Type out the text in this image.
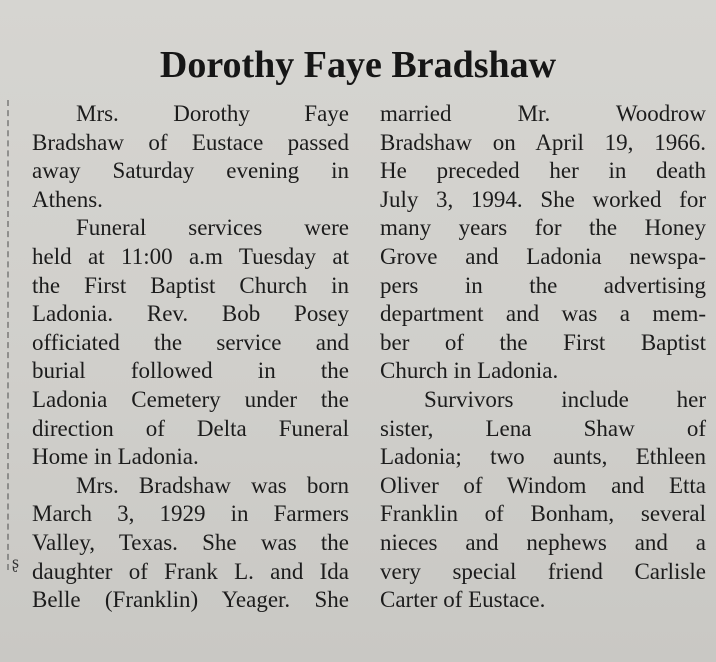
ʂ
Dorothy Faye Bradshaw

Mrs. Dorothy Faye
Bradshaw of Eustace passed
away Saturday evening in
Athens.

Funeral services were
held at 11:00 a.m Tuesday at
the First Baptist Church in
Ladonia. Rev. Bob Posey
officiated the service and
burial followed in the
Ladonia Cemetery under the
direction of Delta Funeral
Home in Ladonia.

Mrs. Bradshaw was born
March 3, 1929 in Farmers
Valley, Texas. She was the
daughter of Frank L. and Ida
Belle (Franklin) Yeager. She

married Mr. Woodrow
Bradshaw on April 19, 1966.
He preceded her in death
July 3, 1994. She worked for
many years for the Honey
Grove and Ladonia newspa-
pers in the advertising
department and was a mem-
ber of the First Baptist
Church in Ladonia.

Survivors include her
sister, Lena Shaw of
Ladonia; two aunts, Ethleen
Oliver of Windom and Etta
Franklin of Bonham, several
nieces and nephews and a
very special friend Carlisle
Carter of Eustace.
